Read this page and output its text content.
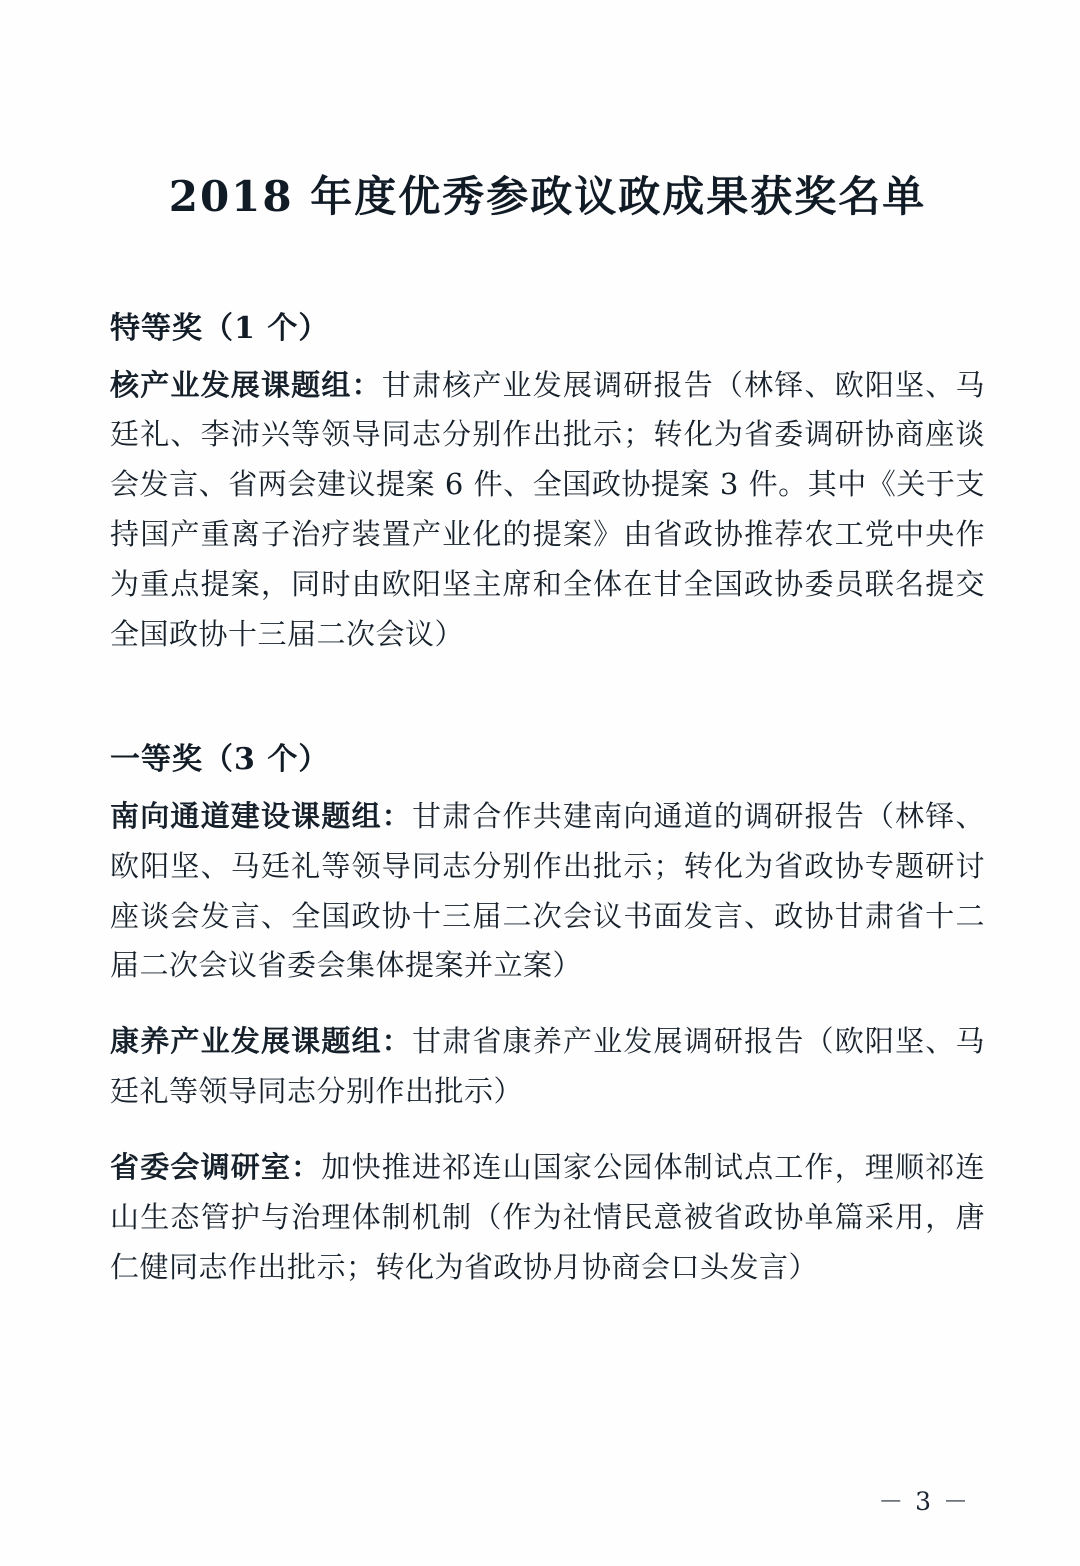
2018 年度优秀参政议政成果获奖名单
特等奖（1 个）

核产业发展课题组：甘肃核产业发展调研报告（林铎、欧阳坚、马廷礼、李沛兴等领导同志分别作出批示；转化为省委调研协商座谈会发言、省两会建议提案 6 件、全国政协提案 3 件。其中《关于支持国产重离子治疗装置产业化的提案》由省政协推荐农工党中央作为重点提案，同时由欧阳坚主席和全体在甘全国政协委员联名提交全国政协十三届二次会议）

一等奖（3 个）

南向通道建设课题组：甘肃合作共建南向通道的调研报告（林铎、欧阳坚、马廷礼等领导同志分别作出批示；转化为省政协专题研讨座谈会发言、全国政协十三届二次会议书面发言、政协甘肃省十二届二次会议省委会集体提案并立案）

康养产业发展课题组：甘肃省康养产业发展调研报告（欧阳坚、马廷礼等领导同志分别作出批示）

省委会调研室：加快推进祁连山国家公园体制试点工作，理顺祁连山生态管护与治理体制机制（作为社情民意被省政协单篇采用，唐仁健同志作出批示；转化为省政协月协商会口头发言）

－ 3 －
